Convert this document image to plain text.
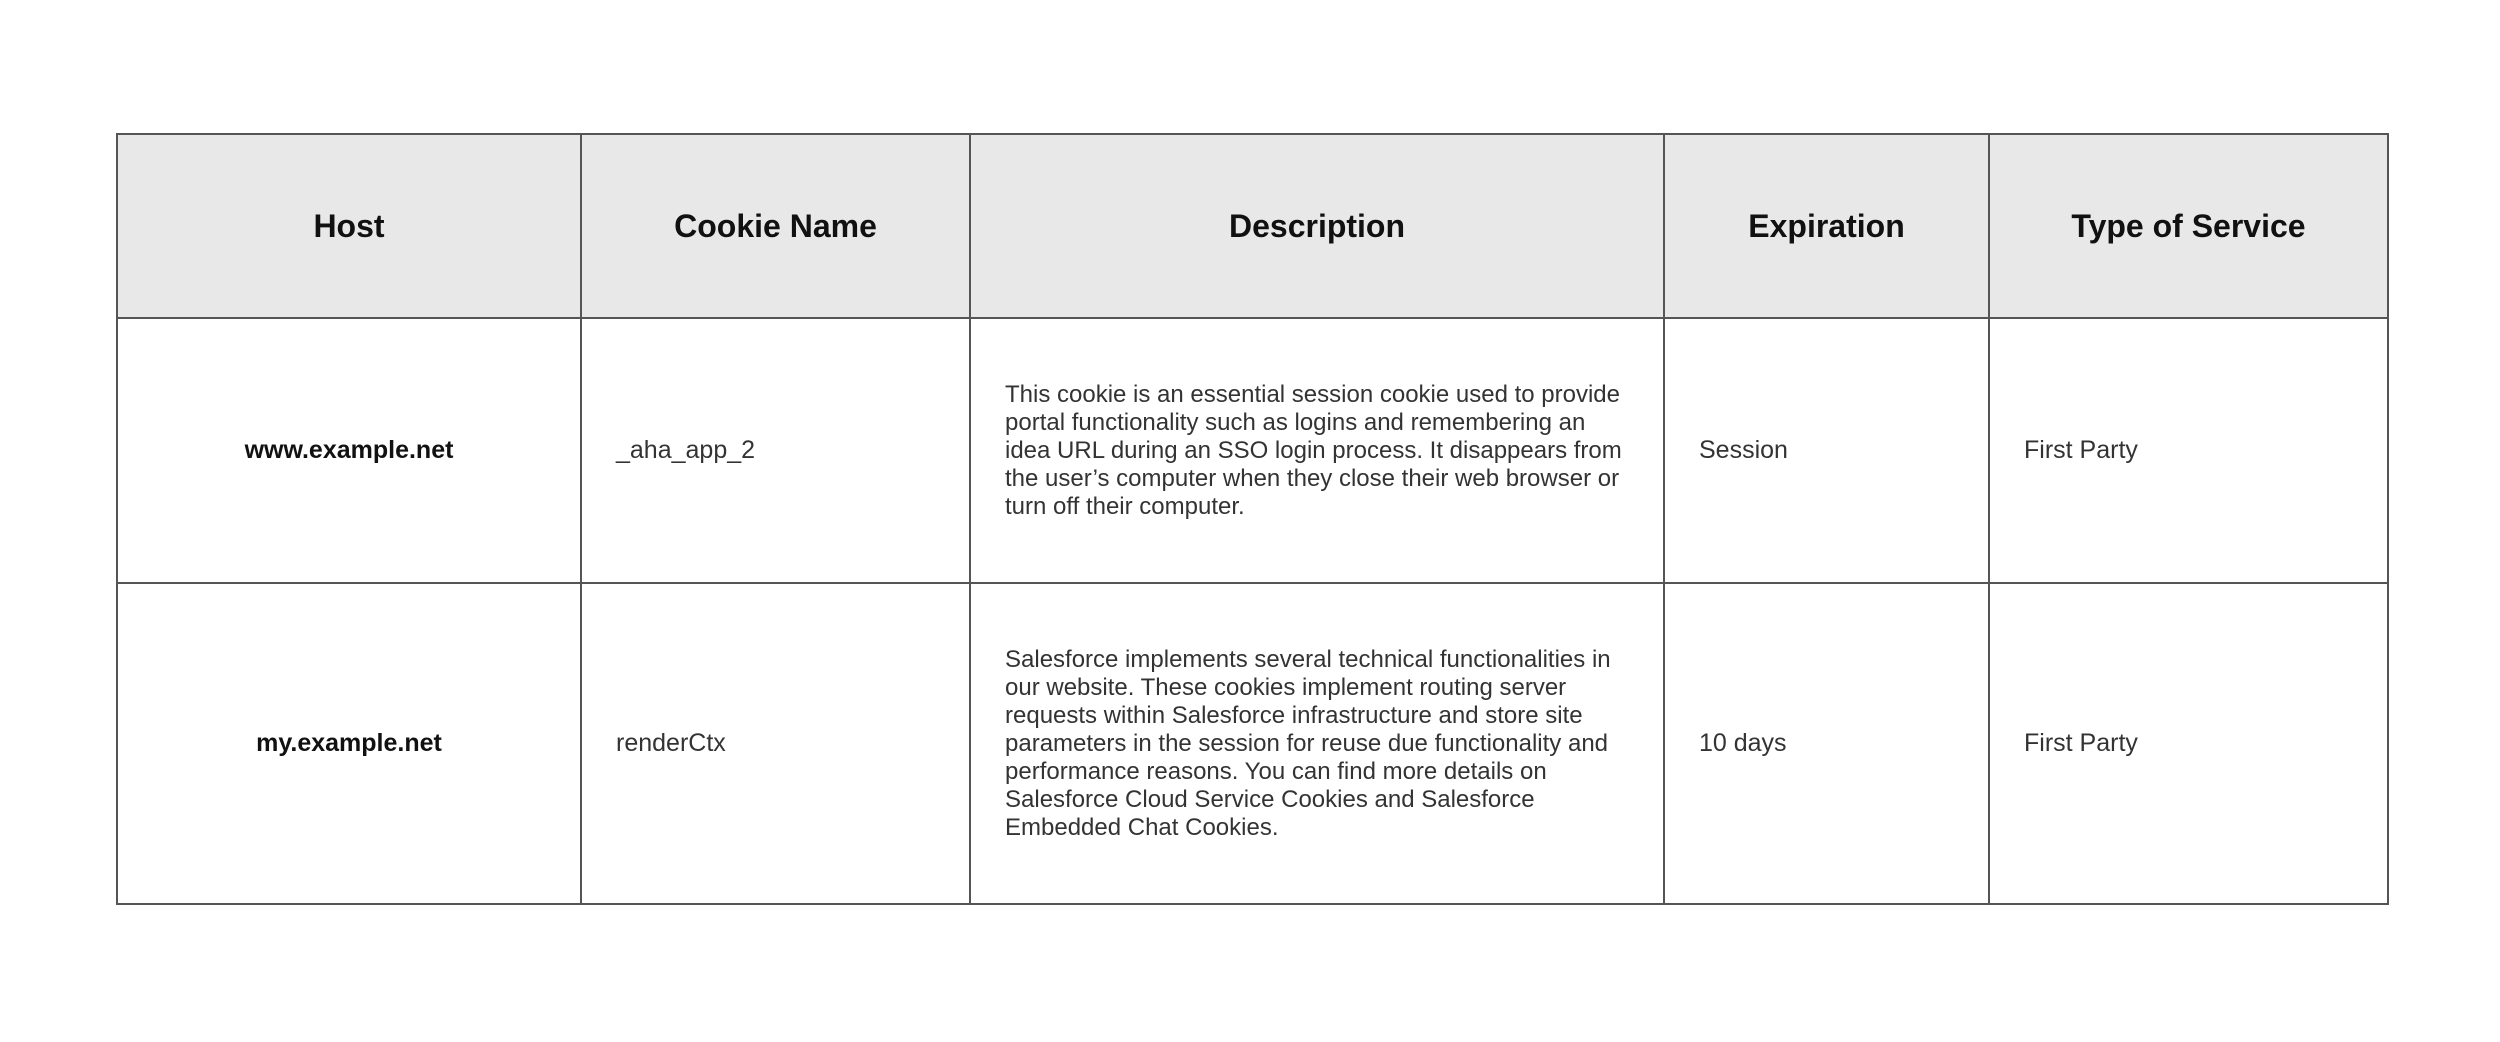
Host	Cookie Name	Description	Expiration	Type of Service
www.example.net	_aha_app_2	This cookie is an essential session cookie used to provide portal functionality such as logins and remembering an idea URL during an SSO login process. It disappears from the user’s computer when they close their web browser or turn off their computer.	Session	First Party
my.example.net	renderCtx	Salesforce implements several technical functionalities in our website. These cookies implement routing server requests within Salesforce infrastructure and store site parameters in the session for reuse due functionality and performance reasons. You can find more details on Salesforce Cloud Service Cookies and Salesforce Embedded Chat Cookies.	10 days	First Party
